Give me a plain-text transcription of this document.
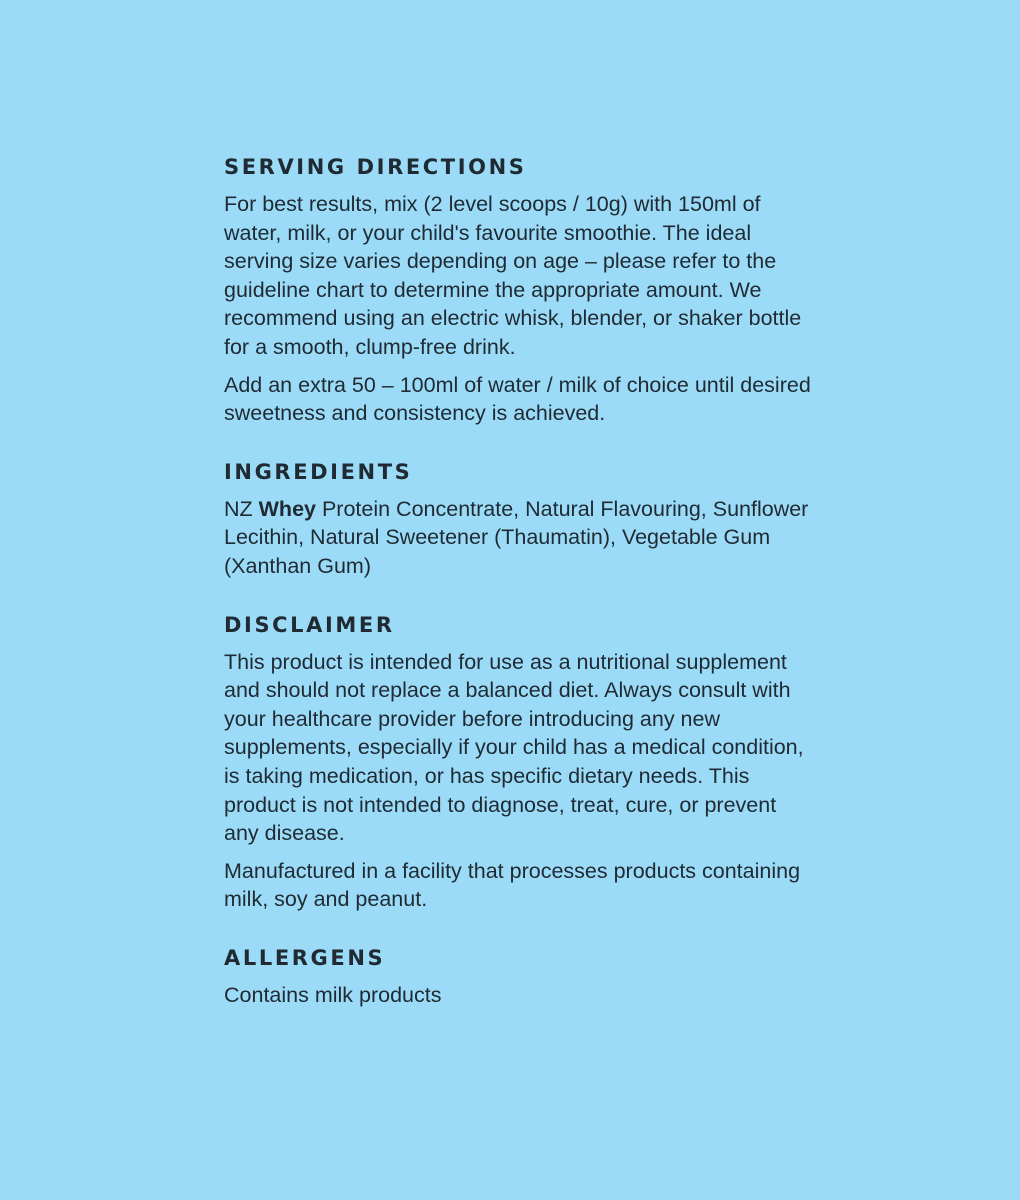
SERVING DIRECTIONS

For best results, mix (2 level scoops / 10g) with 150ml of water, milk, or your child's favourite smoothie. The ideal serving size varies depending on age – please refer to the guideline chart to determine the appropriate amount. We recommend using an electric whisk, blender, or shaker bottle for a smooth, clump-free drink.

Add an extra 50 – 100ml of water / milk of choice until desired sweetness and consistency is achieved.

INGREDIENTS

NZ Whey Protein Concentrate, Natural Flavouring, Sunflower Lecithin, Natural Sweetener (Thaumatin), Vegetable Gum (Xanthan Gum)

DISCLAIMER

This product is intended for use as a nutritional supplement and should not replace a balanced diet. Always consult with your healthcare provider before introducing any new supplements, especially if your child has a medical condition, is taking medication, or has specific dietary needs. This product is not intended to diagnose, treat, cure, or prevent any disease.

Manufactured in a facility that processes products containing milk, soy and peanut.

ALLERGENS

Contains milk products
